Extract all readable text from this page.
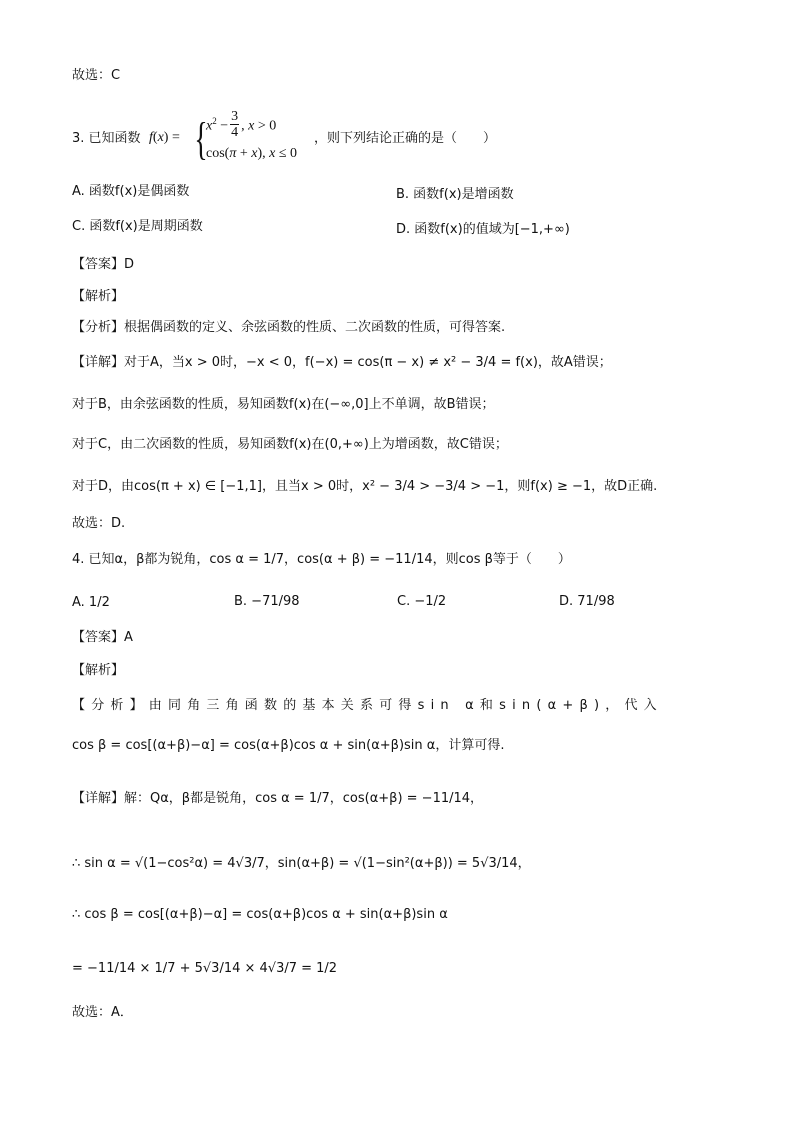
故选：C
3. 已知函数 f(x) = {
$x^2 - \frac{3}{4}$ , x > 0
cos(π + x), x ≤ 0
，则下列结论正确的是（　　）
A. 函数f(x)是偶函数	B. 函数f(x)是增函数
C. 函数f(x)是周期函数	D. 函数f(x)的值域为[−1,+∞)
【答案】D
【解析】
【分析】根据偶函数的定义、余弦函数的性质、二次函数的性质，可得答案.
【详解】对于A，当x > 0时，−x < 0，f(−x) = cos(π − x) ≠ x² − 3/4 = f(x)，故A错误；
对于B，由余弦函数的性质，易知函数f(x)在(−∞,0]上不单调，故B错误；
对于C，由二次函数的性质，易知函数f(x)在(0,+∞)上为增函数，故C错误；
对于D，由cos(π + x) ∈ [−1,1]，且当x > 0时，x² − 3/4 > −3/4 > −1，则f(x) ≥ −1，故D正确.
故选：D.
4. 已知α，β都为锐角，cos α = 1/7，cos(α + β) = −11/14，则cos β等于（　　）
A. 1/2	B. −71/98	C. −1/2	D. 71/98
【答案】A
【解析】
【分析】由同角三角函数的基本关系可得sin α和sin(α+β)，代入
cos β = cos[(α+β)−α] = cos(α+β)cos α + sin(α+β)sin α，计算可得.
【详解】解：Qα，β都是锐角，cos α = 1/7，cos(α+β) = −11/14，
∴ sin α = √(1−cos²α) = 4√3/7，sin(α+β) = √(1−sin²(α+β)) = 5√3/14，
∴ cos β = cos[(α+β)−α] = cos(α+β)cos α + sin(α+β)sin α
= −11/14 × 1/7 + 5√3/14 × 4√3/7 = 1/2
故选：A．
